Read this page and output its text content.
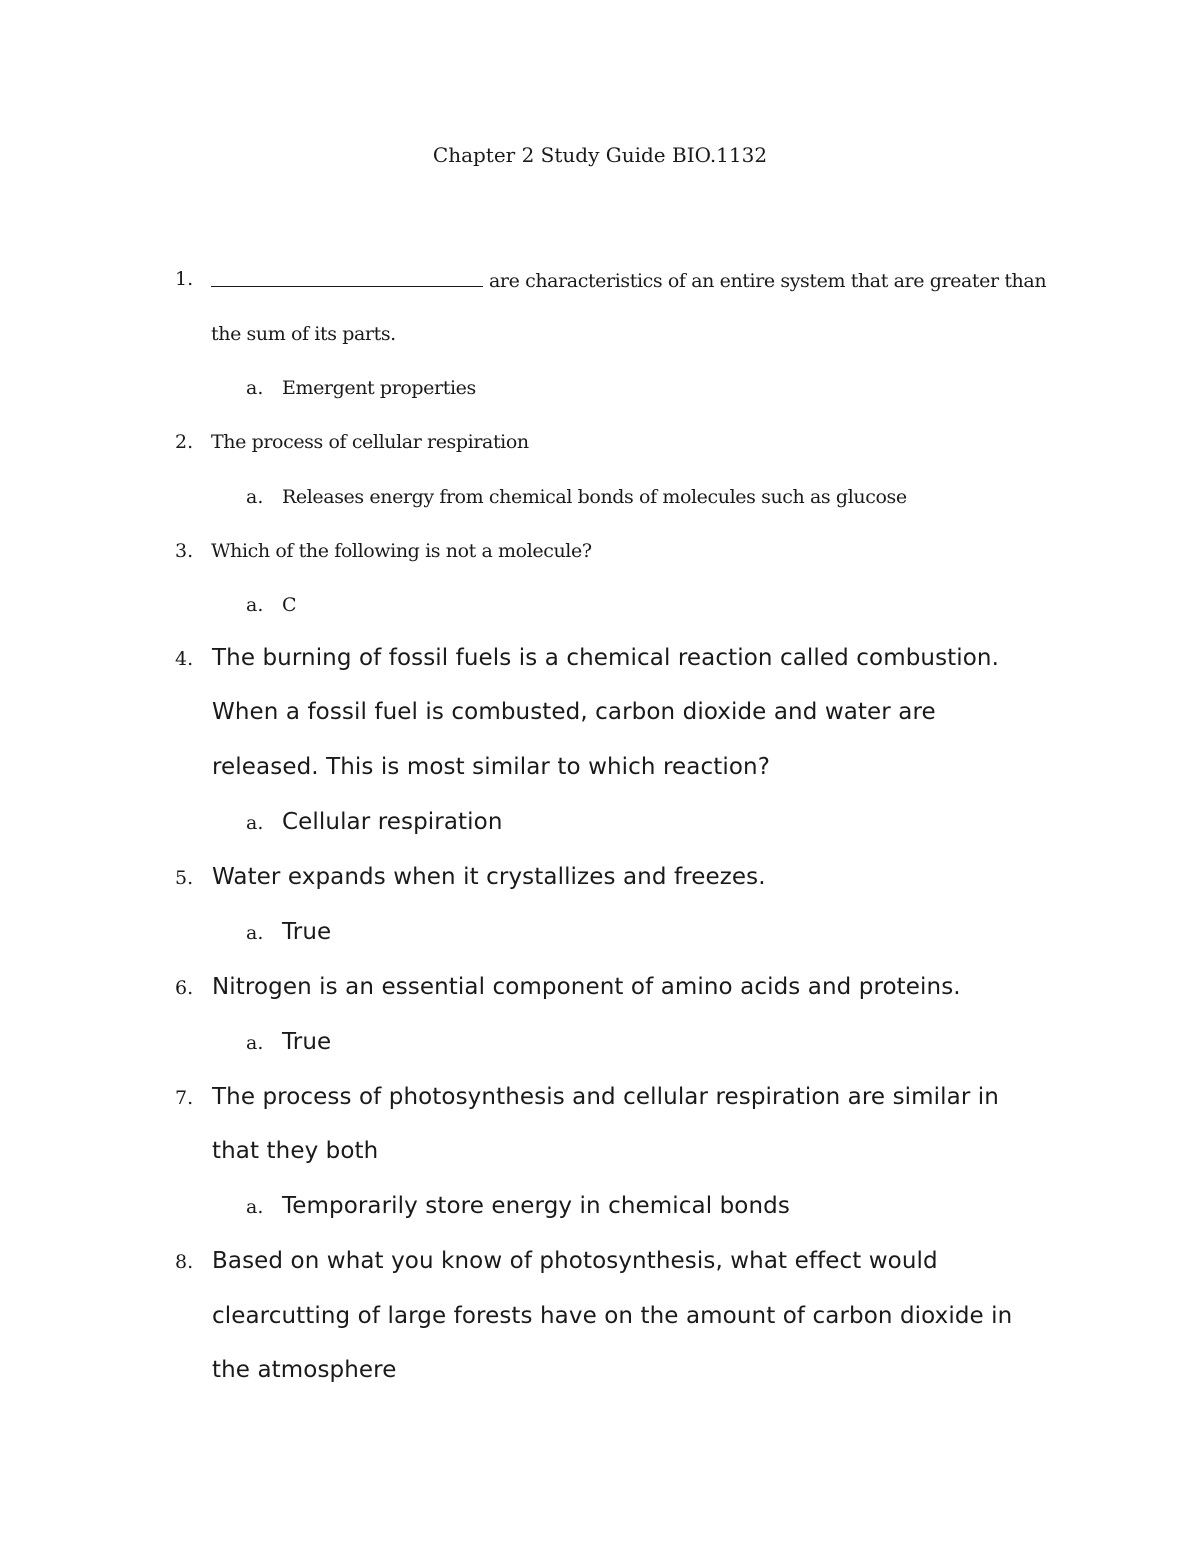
Chapter 2 Study Guide BIO.1132
1.	are characteristics of an entire system that are greater than
the sum of its parts.
a. Emergent properties
2. The process of cellular respiration
a. Releases energy from chemical bonds of molecules such as glucose
3. Which of the following is not a molecule?
a. C
4. The burning of fossil fuels is a chemical reaction called combustion.
When a fossil fuel is combusted, carbon dioxide and water are
released. This is most similar to which reaction?
a. Cellular respiration
5. Water expands when it crystallizes and freezes.
a. True
6. Nitrogen is an essential component of amino acids and proteins.
a. True
7. The process of photosynthesis and cellular respiration are similar in
that they both
a. Temporarily store energy in chemical bonds
8. Based on what you know of photosynthesis, what effect would
clearcutting of large forests have on the amount of carbon dioxide in
the atmosphere
